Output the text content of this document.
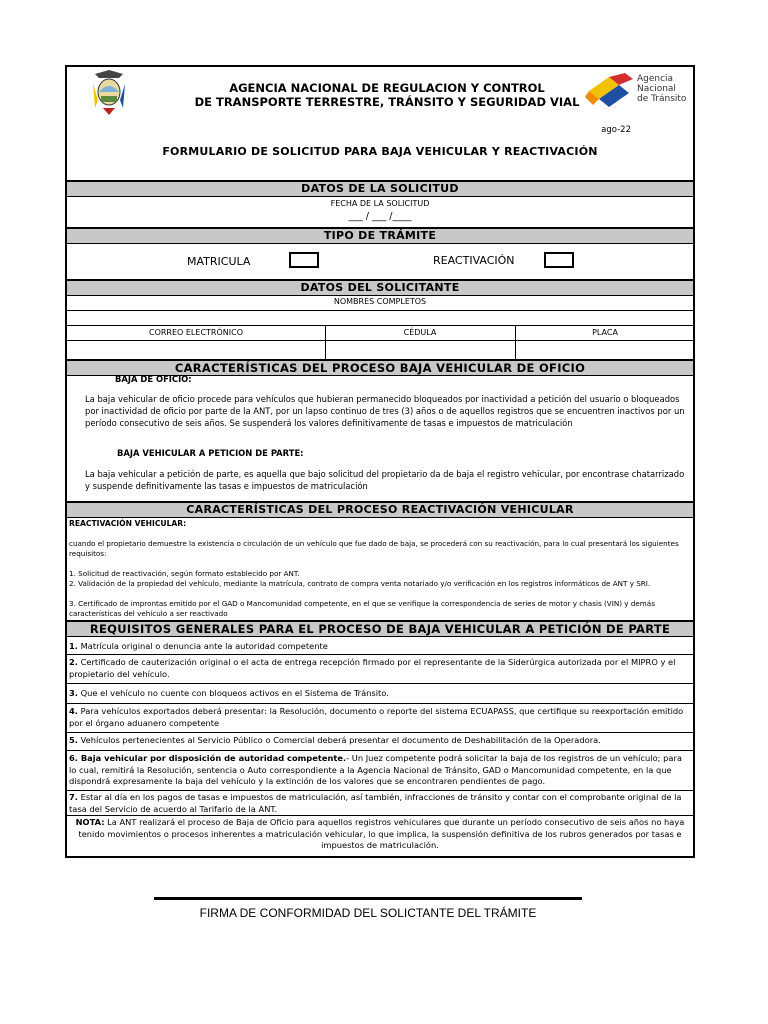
AGENCIA NACIONAL DE REGULACION Y CONTROL
DE TRANSPORTE TERRESTRE, TRÁNSITO Y SEGURIDAD VIAL
Agencia
Nacional
de Tránsito
ago-22
FORMULARIO DE SOLICITUD PARA BAJA VEHICULAR Y REACTIVACIÓN
DATOS DE LA SOLICITUD
FECHA DE LA SOLICITUD
___ / ___ /____
TIPO DE TRÁMITE
MATRICULA	REACTIVACIÓN
DATOS DEL SOLICITANTE
NOMBRES COMPLETOS
CORREO ELECTRÓNICO	CÉDULA	PLACA
CARACTERÍSTICAS DEL PROCESO BAJA VEHICULAR DE OFICIO
BAJA DE OFICIO:
La baja vehicular de oficio procede para vehículos que hubieran permanecido bloqueados por inactividad a petición del usuario o bloqueados por inactividad de oficio por parte de la ANT, por un lapso continuo de tres (3) años o de aquellos registros que se encuentren inactivos por un período consecutivo de seis años. Se suspenderá los valores definitivamente de tasas e impuestos de matriculación
BAJA VEHICULAR A PETICION DE PARTE:
La baja vehicular a petición de parte, es aquella que bajo solicitud del propietario da de baja el registro vehicular, por encontrase chatarrizado y suspende definitivamente las tasas e impuestos de matriculación
CARACTERÍSTICAS DEL PROCESO REACTIVACIÓN VEHICULAR
REACTIVACIÓN VEHICULAR:
cuando el propietario demuestre la existencia o circulación de un vehículo que fue dado de baja, se procederá con su reactivación, para lo cual presentará los siguientes requisitos:
1. Solicitud de reactivación, según formato establecido por ANT.
2. Validación de la propiedad del vehículo, mediante la matrícula, contrato de compra venta notariado y/o verificación en los registros informáticos de ANT y SRI.
3. Certificado de improntas emitido por el GAD o Mancomunidad competente, en el que se verifique la correspondencia de series de motor y chasis (VIN) y demás características del vehículo a ser reactivado
REQUISITOS GENERALES PARA EL PROCESO DE BAJA VEHICULAR A PETICIÓN DE PARTE
1. Matrícula original o denuncia ante la autoridad competente
2. Certificado de cauterización original o el acta de entrega recepción firmado por el representante de la Siderúrgica autorizada por el MIPRO y el propietario del vehículo.
3. Que el vehículo no cuente con bloqueos activos en el Sistema de Tránsito.
4. Para vehículos exportados deberá presentar: la Resolución, documento o reporte del sistema ECUAPASS, que certifique su reexportación emitido por el órgano aduanero competente
5. Vehículos pertenecientes al Servicio Público o Comercial deberá presentar el documento de Deshabilitación de la Operadora.
6. Baja vehicular por disposición de autoridad competente.- Un Juez competente podrá solicitar la baja de los registros de un vehículo; para lo cual, remitirá la Resolución, sentencia o Auto correspondiente a la Agencia Nacional de Tránsito, GAD o Mancomunidad competente, en la que dispondrá expresamente la baja del vehículo y la extinción de los valores que se encontraren pendientes de pago.
7. Estar al día en los pagos de tasas e impuestos de matriculación, así también, infracciones de tránsito y contar con el comprobante original de la tasa del Servicio de acuerdo al Tarifario de la ANT.
NOTA: La ANT realizará el proceso de Baja de Oficio para aquellos registros vehiculares que durante un período consecutivo de seis años no haya tenido movimientos o procesos inherentes a matriculación vehicular, lo que implica, la suspensión definitiva de los rubros generados por tasas e impuestos de matriculación.
FIRMA DE CONFORMIDAD DEL SOLICTANTE DEL TRÁMITE
